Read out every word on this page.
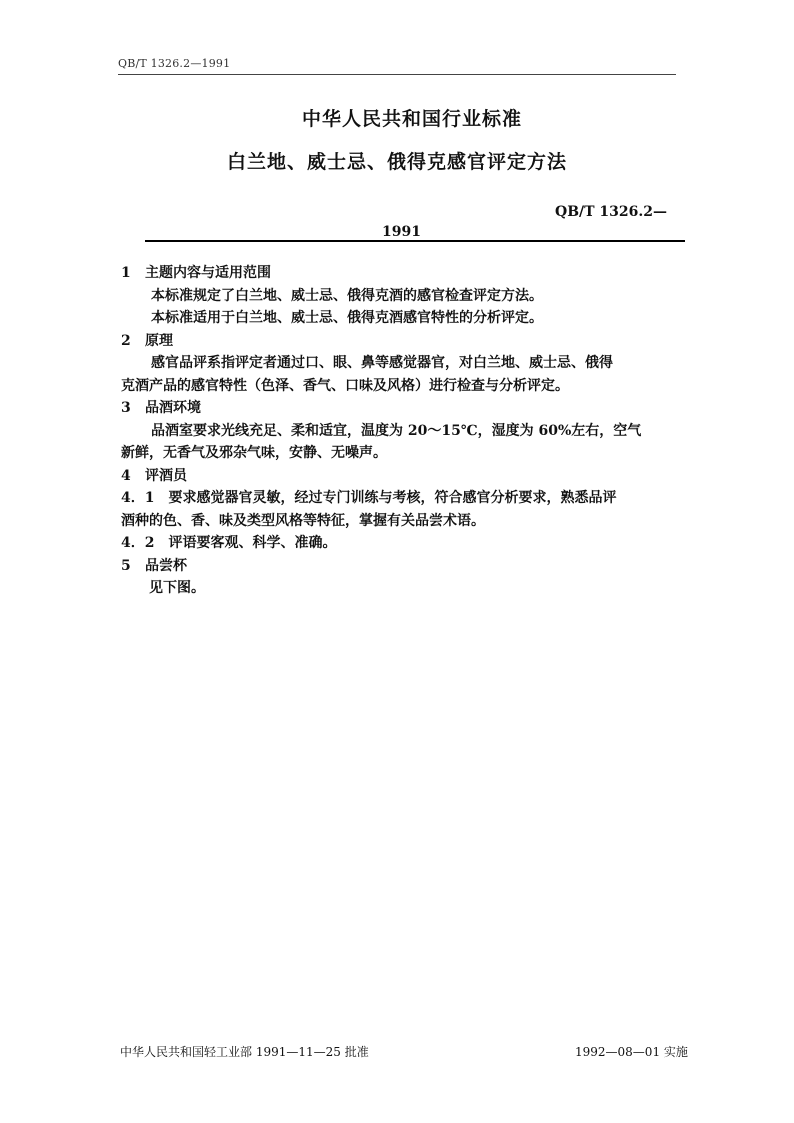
QB/T 1326.2—1991
中华人民共和国行业标准
白兰地、威士忌、俄得克感官评定方法
QB/T 1326.2—
1991
1 主题内容与适用范围
本标准规定了白兰地、威士忌、俄得克酒的感官检查评定方法。
本标准适用于白兰地、威士忌、俄得克酒感官特性的分析评定。
2 原理
感官品评系指评定者通过口、眼、鼻等感觉器官，对白兰地、威士忌、俄得
克酒产品的感官特性（色泽、香气、口味及风格）进行检查与分析评定。
3 品酒环境
品酒室要求光线充足、柔和适宜，温度为 20～15℃，湿度为 60%左右，空气
新鲜，无香气及邪杂气味，安静、无噪声。
4 评酒员
4．1　要求感觉器官灵敏，经过专门训练与考核，符合感官分析要求，熟悉品评
酒种的色、香、味及类型风格等特征，掌握有关品尝术语。
4．2　评语要客观、科学、准确。
5 品尝杯
见下图。
中华人民共和国轻工业部 1991—11—25 批准	1992—08—01 实施
